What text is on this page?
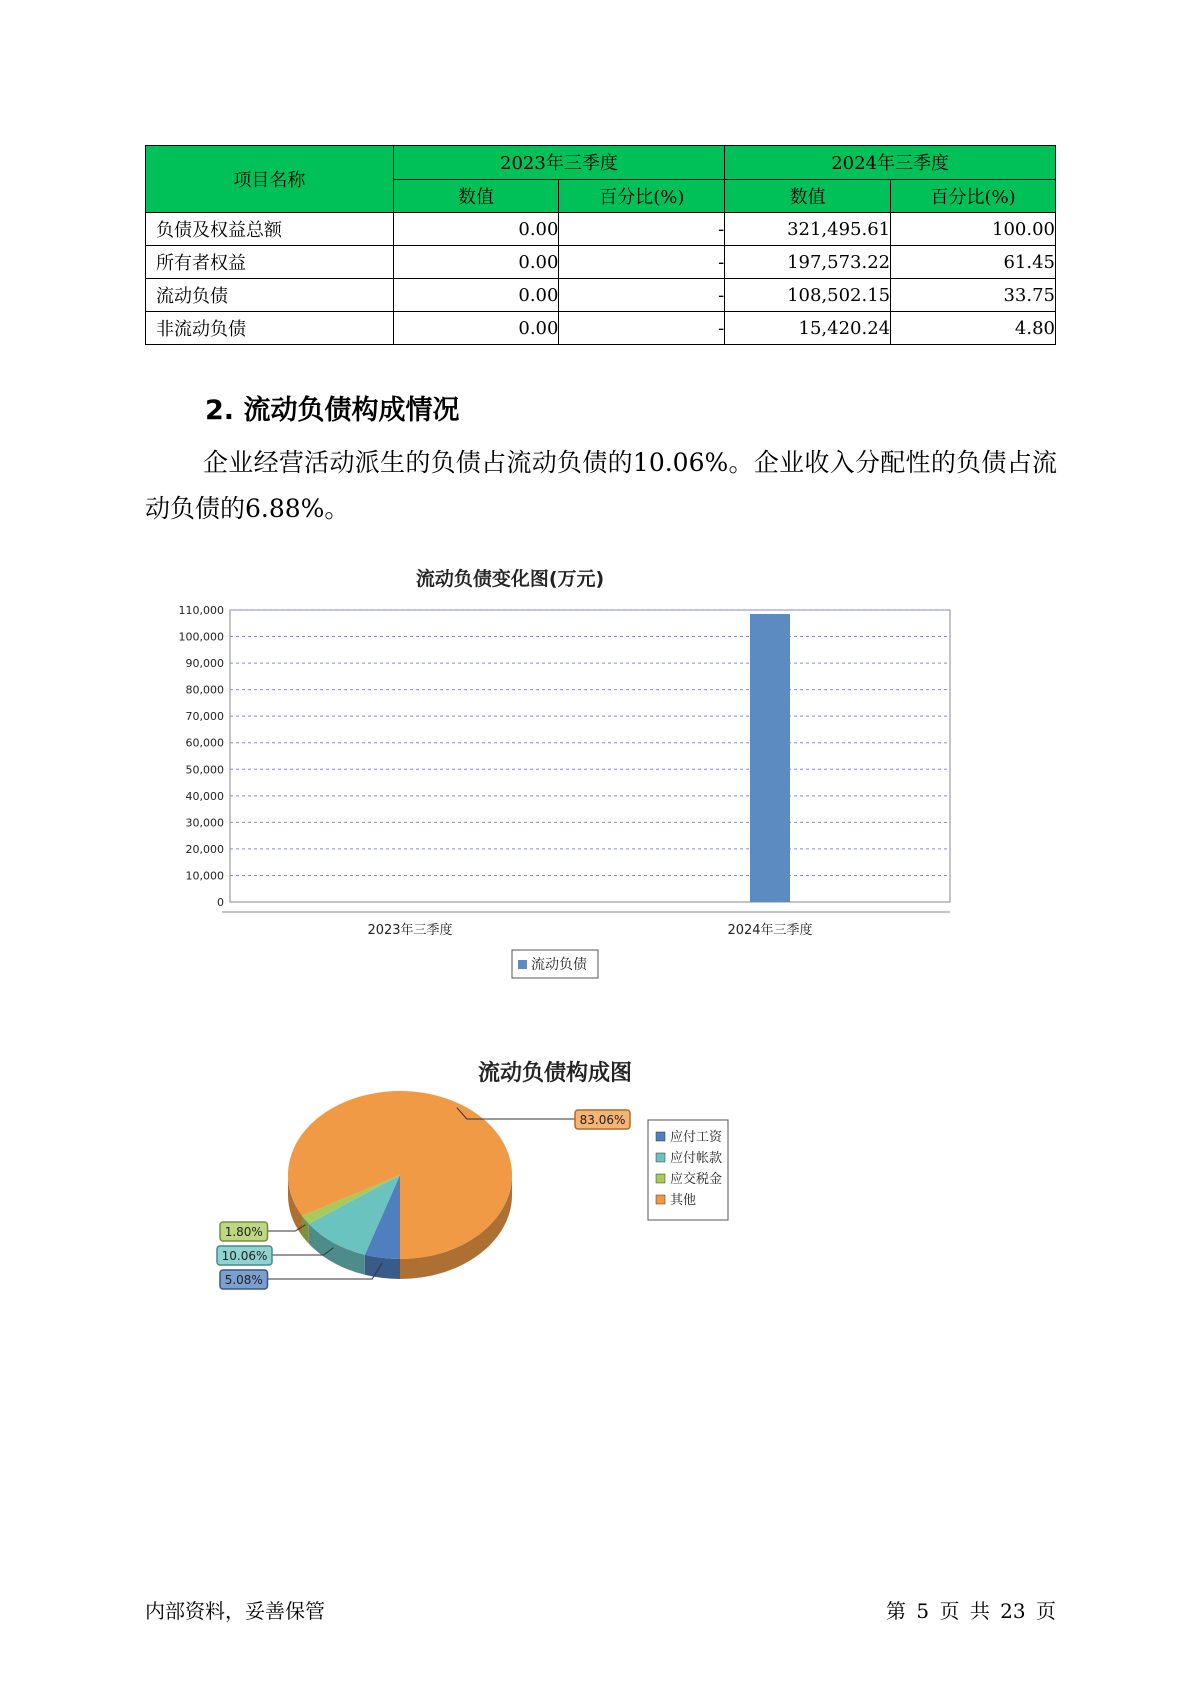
项目名称	2023年三季度		2024年三季度	
	数值	百分比(%)	数值	百分比(%)
负债及权益总额	0.00	-	321,495.61	100.00
所有者权益	0.00	-	197,573.22	61.45
流动负债	0.00	-	108,502.15	33.75
非流动负债	0.00	-	15,420.24	4.80
2. 流动负债构成情况

企业经营活动派生的负债占流动负债的10.06%。企业收入分配性的负债占流动负债的6.88%。

流动负债变化图(万元)
0
10,000
20,000
30,000
40,000
50,000
60,000
70,000
80,000
90,000
100,000
110,000
2023年三季度	2024年三季度
流动负债
流动负债构成图
5.08%
10.06%
1.80%
83.06%
应付工资
应付帐款
应交税金
其他
内部资料，妥善保管	第 5 页 共 23 页
